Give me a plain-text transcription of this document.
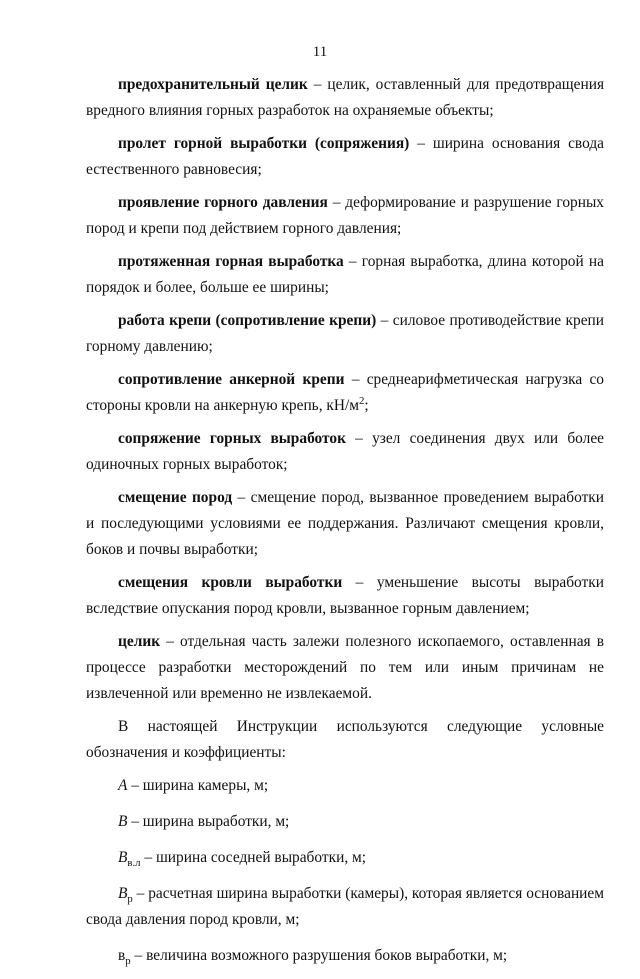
11

предохранительный целик – целик, оставленный для предотвращения вредного влияния горных разработок на охраняемые объекты;

пролет горной выработки (сопряжения) – ширина основания свода естественного равновесия;

проявление горного давления – деформирование и разрушение горных пород и крепи под действием горного давления;

протяженная горная выработка – горная выработка, длина которой на порядок и более, больше ее ширины;

работа крепи (сопротивление крепи) – силовое противодействие крепи горному давлению;

сопротивление анкерной крепи – среднеарифметическая нагрузка со стороны кровли на анкерную крепь, $кН/м^2$;

сопряжение горных выработок – узел соединения двух или более одиночных горных выработок;

смещение пород – смещение пород, вызванное проведением выработки и последующими условиями ее поддержания. Различают смещения кровли, боков и почвы выработки;

смещения кровли выработки – уменьшение высоты выработки вследствие опускания пород кровли, вызванное горным давлением;

целик – отдельная часть залежи полезного ископаемого, оставленная в процессе разработки месторождений по тем или иным причинам не извлеченной или временно не извлекаемой.

В настоящей Инструкции используются следующие условные обозначения и коэффициенты:

A – ширина камеры, м;

B – ширина выработки, м;

$B_{в.л}$ – ширина соседней выработки, м;

$B_р$ – расчетная ширина выработки (камеры), которая является основанием свода давления пород кровли, м;

$в_р$ – величина возможного разрушения боков выработки, м;
